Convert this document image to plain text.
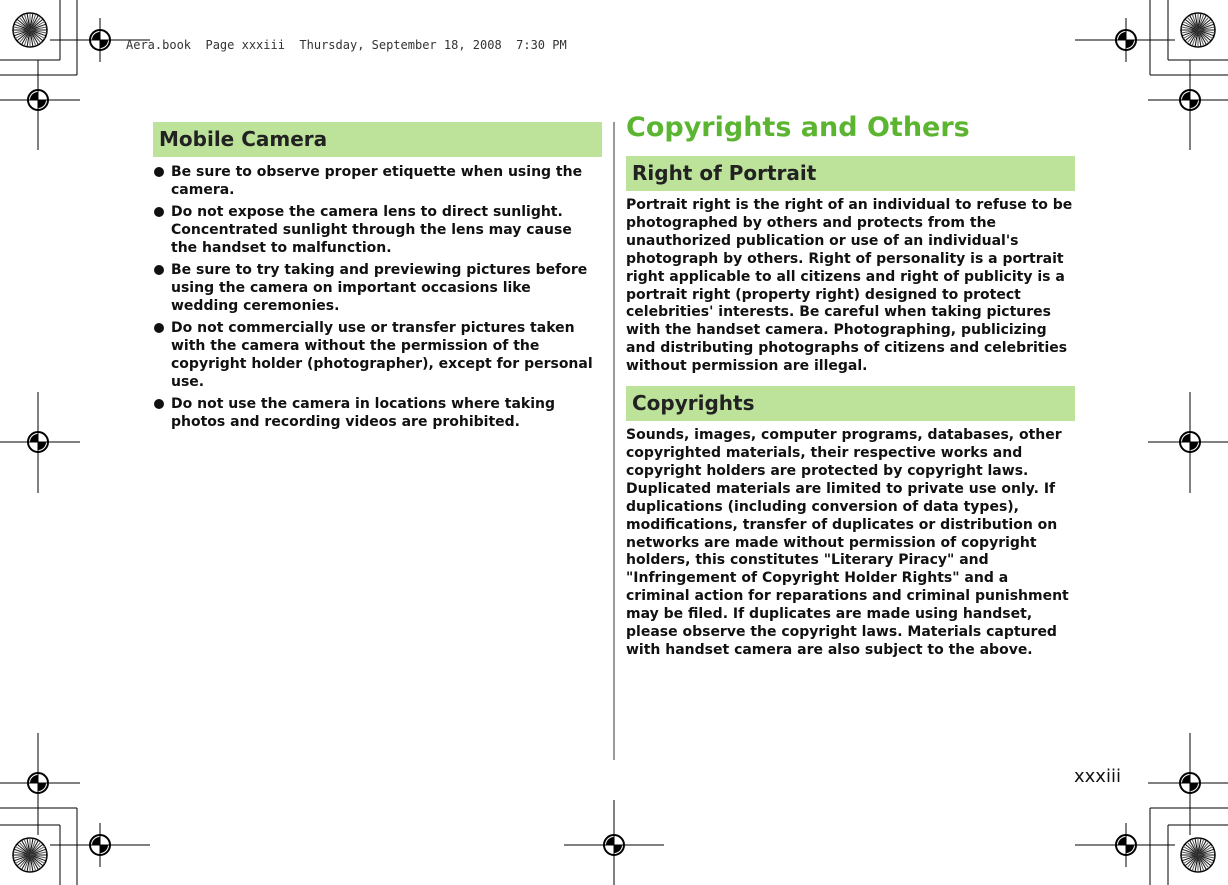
Aera.book  Page xxxiii  Thursday, September 18, 2008  7:30 PM
Mobile Camera
Be sure to observe proper etiquette when using the camera.
Do not expose the camera lens to direct sunlight. Concentrated sunlight through the lens may cause the handset to malfunction.
Be sure to try taking and previewing pictures before using the camera on important occasions like wedding ceremonies.
Do not commercially use or transfer pictures taken with the camera without the permission of the copyright holder (photographer), except for personal use.
Do not use the camera in locations where taking photos and recording videos are prohibited.
Copyrights and Others
Right of Portrait

Portrait right is the right of an individual to refuse to be photographed by others and protects from the unauthorized publication or use of an individual's photograph by others. Right of personality is a portrait right applicable to all citizens and right of publicity is a portrait right (property right) designed to protect celebrities' interests. Be careful when taking pictures with the handset camera. Photographing, publicizing and distributing photographs of citizens and celebrities without permission are illegal.

Copyrights

Sounds, images, computer programs, databases, other copyrighted materials, their respective works and copyright holders are protected by copyright laws. Duplicated materials are limited to private use only. If duplications (including conversion of data types), modifications, transfer of duplicates or distribution on networks are made without permission of copyright holders, this constitutes "Literary Piracy" and "Infringement of Copyright Holder Rights" and a criminal action for reparations and criminal punishment may be filed. If duplicates are made using handset, please observe the copyright laws. Materials captured with handset camera are also subject to the above.

xxxiii
